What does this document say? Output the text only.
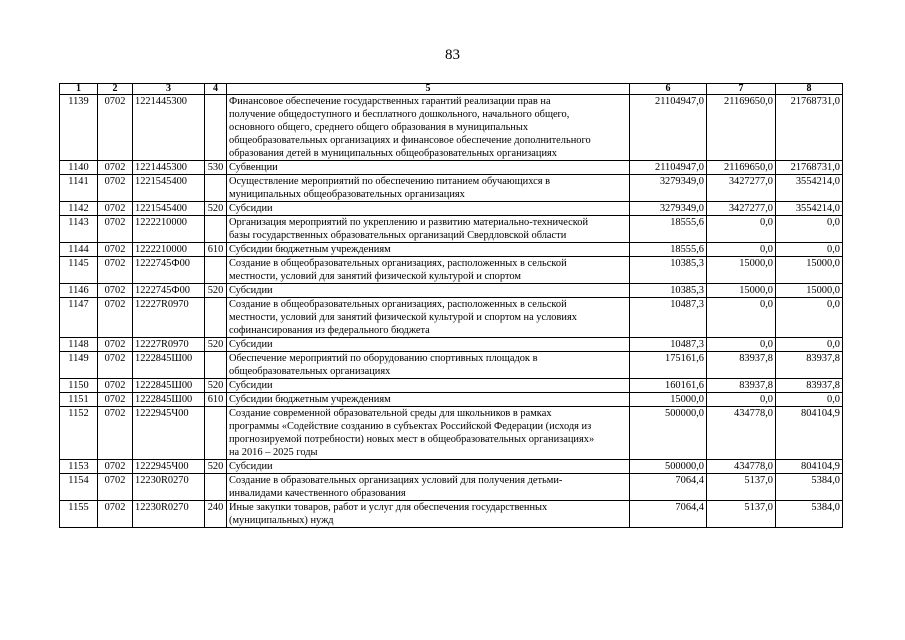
83
1	2	3	4	5	6	7	8
1139	0702	1221445300		Финансовое обеспечение государственных гарантий реализации прав на
получение общедоступного и бесплатного дошкольного, начального общего,
основного общего, среднего общего образования в муниципальных
общеобразовательных организациях и финансовое обеспечение дополнительного
образования детей в муниципальных общеобразовательных организациях	21104947,0	21169650,0	21768731,0
1140	0702	1221445300	530	Субвенции	21104947,0	21169650,0	21768731,0
1141	0702	1221545400		Осуществление мероприятий по обеспечению питанием обучающихся в
муниципальных общеобразовательных организациях	3279349,0	3427277,0	3554214,0
1142	0702	1221545400	520	Субсидии	3279349,0	3427277,0	3554214,0
1143	0702	1222210000		Организация мероприятий по укреплению и развитию материально-технической
базы государственных образовательных организаций Свердловской области	18555,6	0,0	0,0
1144	0702	1222210000	610	Субсидии бюджетным учреждениям	18555,6	0,0	0,0
1145	0702	1222745Ф00		Создание в общеобразовательных организациях, расположенных в сельской
местности, условий для занятий физической культурой и спортом	10385,3	15000,0	15000,0
1146	0702	1222745Ф00	520	Субсидии	10385,3	15000,0	15000,0
1147	0702	12227R0970		Создание в общеобразовательных организациях, расположенных в сельской
местности, условий для занятий физической культурой и спортом на условиях
софинансирования из федерального бюджета	10487,3	0,0	0,0
1148	0702	12227R0970	520	Субсидии	10487,3	0,0	0,0
1149	0702	1222845Ш00		Обеспечение мероприятий по оборудованию спортивных площадок в
общеобразовательных организациях	175161,6	83937,8	83937,8
1150	0702	1222845Ш00	520	Субсидии	160161,6	83937,8	83937,8
1151	0702	1222845Ш00	610	Субсидии бюджетным учреждениям	15000,0	0,0	0,0
1152	0702	1222945Ч00		Создание современной образовательной среды для школьников в рамках
программы «Содействие созданию в субъектах Российской Федерации (исходя из
прогнозируемой потребности) новых мест в общеобразовательных организациях»
на 2016 – 2025 годы	500000,0	434778,0	804104,9
1153	0702	1222945Ч00	520	Субсидии	500000,0	434778,0	804104,9
1154	0702	12230R0270		Создание в образовательных организациях условий для получения детьми-
инвалидами качественного образования	7064,4	5137,0	5384,0
1155	0702	12230R0270	240	Иные закупки товаров, работ и услуг для обеспечения государственных
(муниципальных) нужд	7064,4	5137,0	5384,0
